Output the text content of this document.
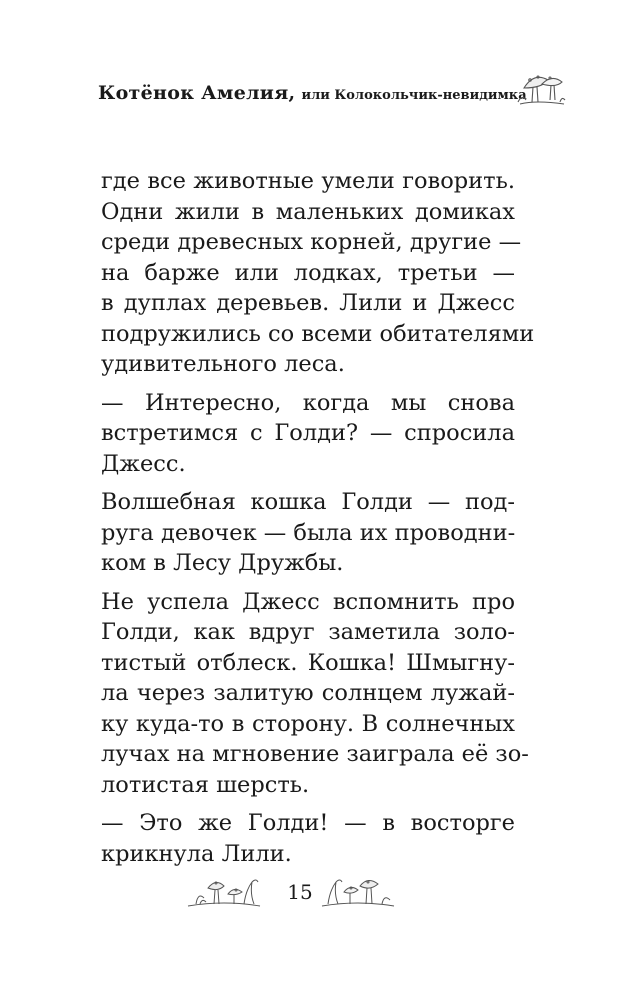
Котёнок Амелия, или Колокольчик-невидимка
где все животные умели говорить.
Одни жили в маленьких домиках
среди древесных корней, другие —
на барже или лодках, третьи —
в дуплах деревьев. Лили и Джесс
подружились со всеми обитателями
удивительного леса.
— Интересно, когда мы снова
встретимся с Голди? — спросила
Джесс.
Волшебная кошка Голди — под-
руга девочек — была их проводни-
ком в Лесу Дружбы.
Не успела Джесс вспомнить про
Голди, как вдруг заметила золо-
тистый отблеск. Кошка! Шмыгну-
ла через залитую солнцем лужай-
ку куда-то в сторону. В солнечных
лучах на мгновение заиграла её зо-
лотистая шерсть.
— Это же Голди! — в восторге
крикнула Лили.
15
